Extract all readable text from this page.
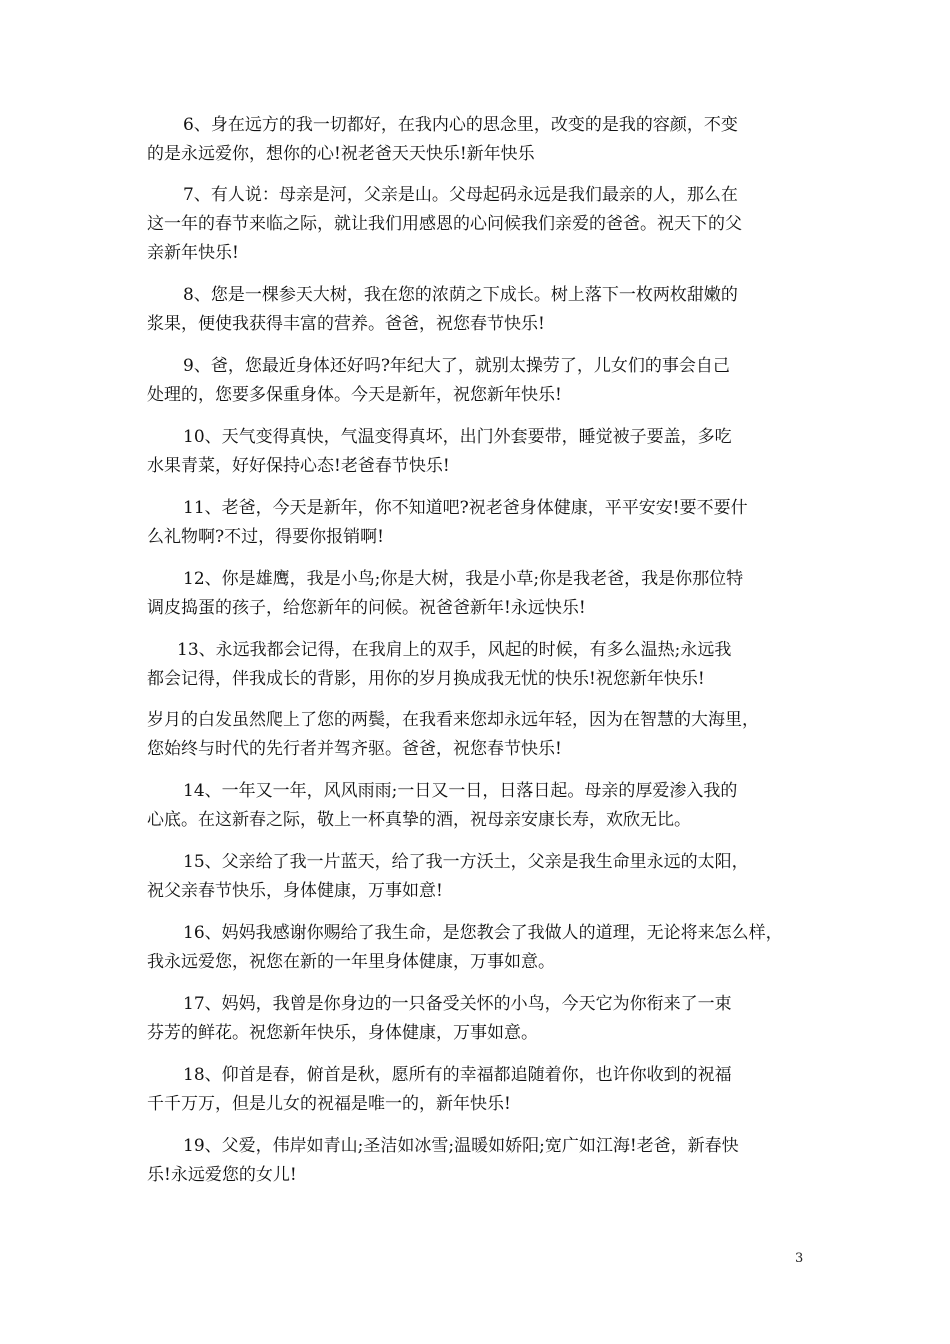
6、身在远方的我一切都好，在我内心的思念里，改变的是我的容颜，不变
的是永远爱你，想你的心!祝老爸天天快乐!新年快乐
7、有人说：母亲是河，父亲是山。父母起码永远是我们最亲的人，那么在
这一年的春节来临之际，就让我们用感恩的心问候我们亲爱的爸爸。祝天下的父
亲新年快乐!
8、您是一棵参天大树，我在您的浓荫之下成长。树上落下一枚两枚甜嫩的
浆果，便使我获得丰富的营养。爸爸，祝您春节快乐!
9、爸，您最近身体还好吗?年纪大了，就别太操劳了，儿女们的事会自己
处理的，您要多保重身体。今天是新年，祝您新年快乐!
10、天气变得真快，气温变得真坏，出门外套要带，睡觉被子要盖，多吃
水果青菜，好好保持心态!老爸春节快乐!
11、老爸，今天是新年，你不知道吧?祝老爸身体健康，平平安安!要不要什
么礼物啊?不过，得要你报销啊!
12、你是雄鹰，我是小鸟;你是大树，我是小草;你是我老爸，我是你那位特
调皮捣蛋的孩子，给您新年的问候。祝爸爸新年!永远快乐!
13、永远我都会记得，在我肩上的双手，风起的时候，有多么温热;永远我
都会记得，伴我成长的背影，用你的岁月换成我无忧的快乐!祝您新年快乐!
岁月的白发虽然爬上了您的两鬓，在我看来您却永远年轻，因为在智慧的大海里，
您始终与时代的先行者并驾齐驱。爸爸，祝您春节快乐!
14、一年又一年，风风雨雨;一日又一日，日落日起。母亲的厚爱渗入我的
心底。在这新春之际，敬上一杯真挚的酒，祝母亲安康长寿，欢欣无比。
15、父亲给了我一片蓝天，给了我一方沃土，父亲是我生命里永远的太阳，
祝父亲春节快乐，身体健康，万事如意!
16、妈妈我感谢你赐给了我生命，是您教会了我做人的道理，无论将来怎么样，
我永远爱您，祝您在新的一年里身体健康，万事如意。
17、妈妈，我曾是你身边的一只备受关怀的小鸟，今天它为你衔来了一束
芬芳的鲜花。祝您新年快乐，身体健康，万事如意。
18、仰首是春，俯首是秋，愿所有的幸福都追随着你，也许你收到的祝福
千千万万，但是儿女的祝福是唯一的，新年快乐!
19、父爱，伟岸如青山;圣洁如冰雪;温暖如娇阳;宽广如江海!老爸，新春快
乐!永远爱您的女儿!
3
